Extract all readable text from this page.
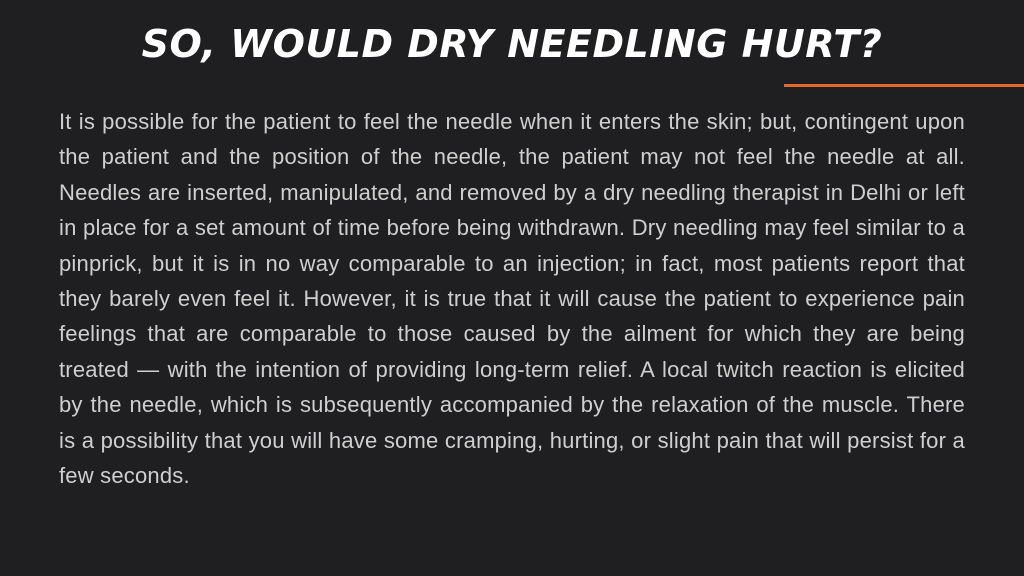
SO, WOULD DRY NEEDLING HURT?

It is possible for the patient to feel the needle when it enters the skin; but, contingent upon the patient and the position of the needle, the patient may not feel the needle at all. Needles are inserted, manipulated, and removed by a dry needling therapist in Delhi or left in place for a set amount of time before being withdrawn. Dry needling may feel similar to a pinprick, but it is in no way comparable to an injection; in fact, most patients report that they barely even feel it. However, it is true that it will cause the patient to experience pain feelings that are comparable to those caused by the ailment for which they are being treated — with the intention of providing long-term relief. A local twitch reaction is elicited by the needle, which is subsequently accompanied by the relaxation of the muscle. There is a possibility that you will have some cramping, hurting, or slight pain that will persist for a few seconds.
